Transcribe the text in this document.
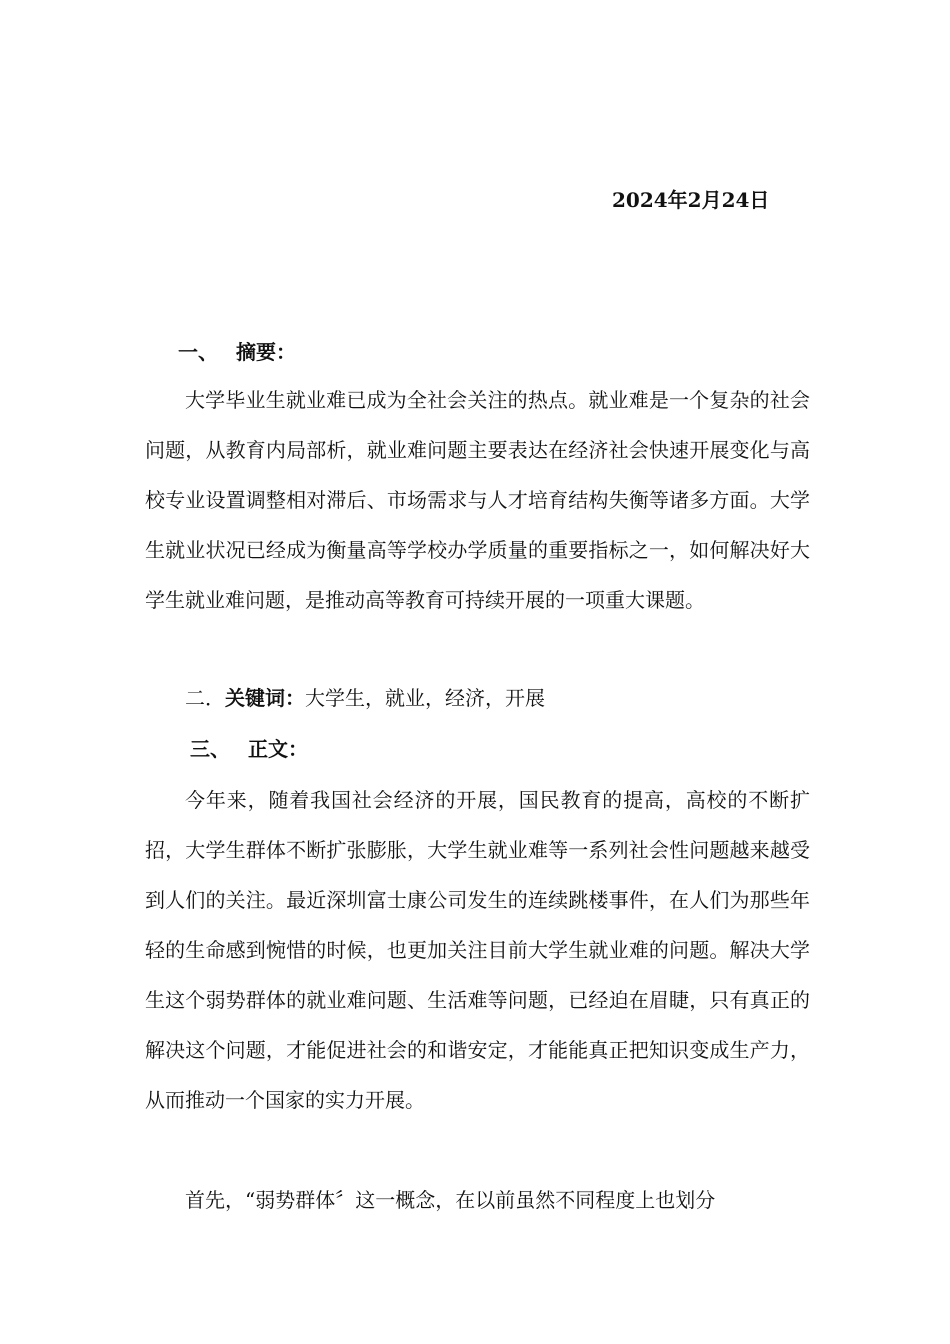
2024年2月24日
一、 摘要：

大学毕业生就业难已成为全社会关注的热点。就业难是一个复杂的社会问题，从教育内局部析，就业难问题主要表达在经济社会快速开展变化与高校专业设置调整相对滞后、市场需求与人才培育结构失衡等诸多方面。大学生就业状况已经成为衡量高等学校办学质量的重要指标之一，如何解决好大学生就业难问题，是推动高等教育可持续开展的一项重大课题。

二．关键词：大学生，就业，经济，开展
三、 正文：

今年来，随着我国社会经济的开展，国民教育的提高，高校的不断扩招，大学生群体不断扩张膨胀，大学生就业难等一系列社会性问题越来越受到人们的关注。最近深圳富士康公司发生的连续跳楼事件，在人们为那些年轻的生命感到惋惜的时候，也更加关注目前大学生就业难的问题。解决大学生这个弱势群体的就业难问题、生活难等问题，已经迫在眉睫，只有真正的解决这个问题，才能促进社会的和谐安定，才能能真正把知识变成生产力，从而推动一个国家的实力开展。

首先，“弱势群体〞这一概念，在以前虽然不同程度上也划分
